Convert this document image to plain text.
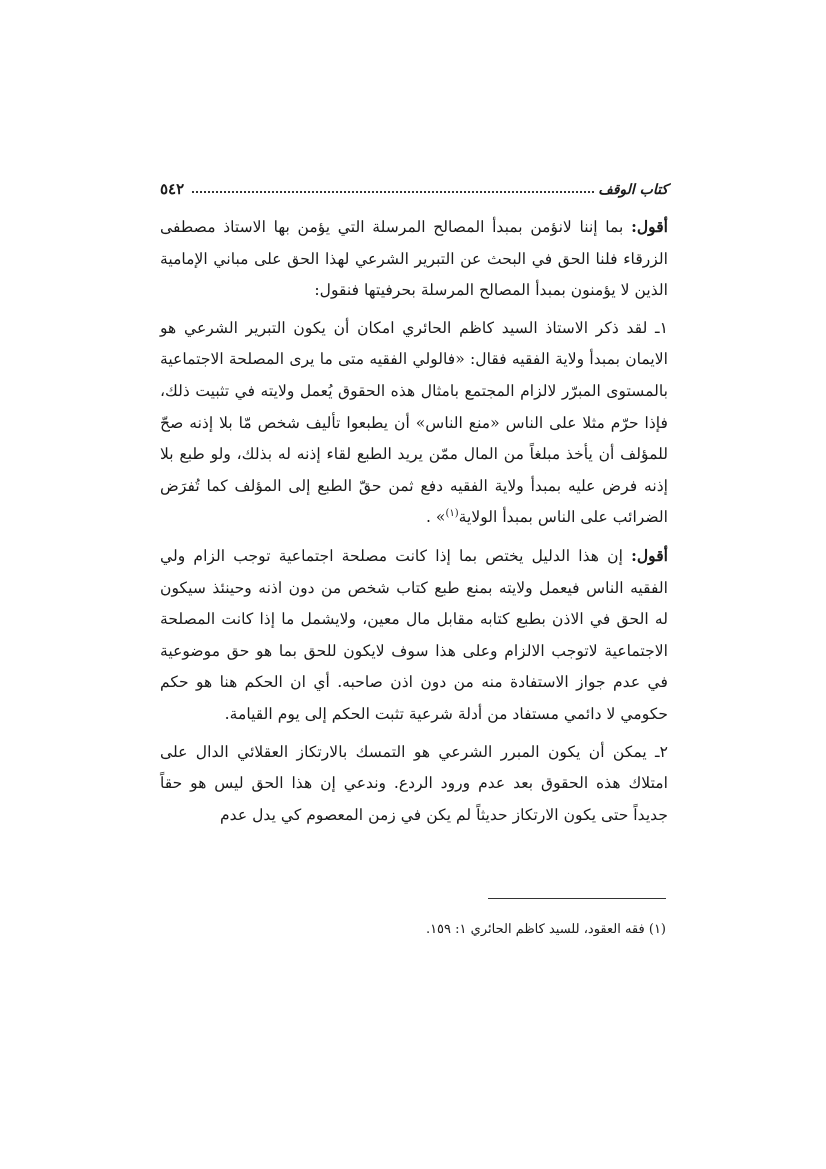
٥٤٢	كتاب الوقف

أقول: بما إننا لانؤمن بمبدأ المصالح المرسلة التي يؤمن بها الاستاذ مصطفى الزرقاء فلنا الحق في البحث عن التبرير الشرعي لهذا الحق على مباني الإمامية الذين لا يؤمنون بمبدأ المصالح المرسلة بحرفيتها فنقول:

١ـ لقد ذكر الاستاذ السيد كاظم الحائري امكان أن يكون التبرير الشرعي هو الايمان بمبدأ ولاية الفقيه فقال: «فالولي الفقيه متى ما يرى المصلحة الاجتماعية بالمستوى المبرّر لالزام المجتمع بامثال هذه الحقوق يُعمل ولايته في تثبيت ذلك، فإذا حرّم مثلا على الناس «منع الناس» أن يطبعوا تأليف شخص مّا بلا إذنه صحّ للمؤلف أن يأخذ مبلغاً من المال ممّن يريد الطبع لقاء إذنه له بذلك، ولو طبع بلا إذنه فرض عليه بمبدأ ولاية الفقيه دفع ثمن حقّ الطبع إلى المؤلف كما تُفرَض الضرائب على الناس بمبدأ الولاية$^{(١)}$» .

أقول: إن هذا الدليل يختص بما إذا كانت مصلحة اجتماعية توجب الزام ولي الفقيه الناس فيعمل ولايته بمنع طبع كتاب شخص من دون اذنه وحينئذ سيكون له الحق في الاذن بطبع كتابه مقابل مال معين، ولايشمل ما إذا كانت المصلحة الاجتماعية لاتوجب الالزام وعلى هذا سوف لايكون للحق بما هو حق موضوعية في عدم جواز الاستفادة منه من دون اذن صاحبه. أي ان الحكم هنا هو حكم حكومي لا دائمي مستفاد من أدلة شرعية تثبت الحكم إلى يوم القيامة.

٢ـ يمكن أن يكون المبرر الشرعي هو التمسك بالارتكاز العقلائي الدال على امتلاك هذه الحقوق بعد عدم ورود الردع. وندعي إن هذا الحق ليس هو حقاً جديداً حتى يكون الارتكاز حديثاً لم يكن في زمن المعصوم كي يدل عدم

(١) فقه العقود، للسيد كاظم الحائري ١: ١٥٩.
